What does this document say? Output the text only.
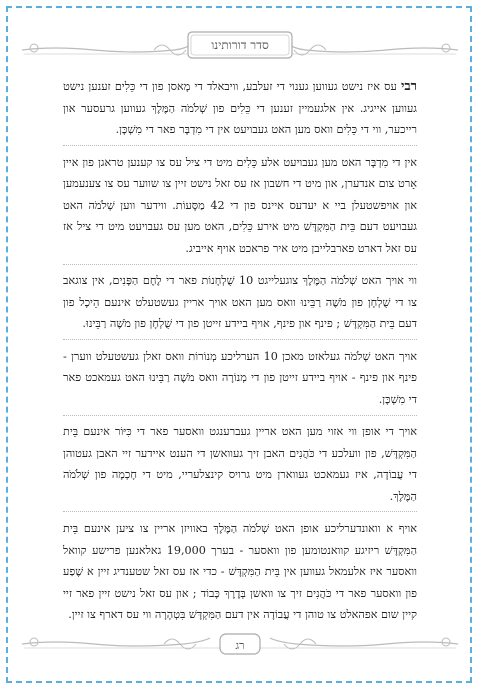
סדר דורותינו

רבי עס איז נישט געווען גענוי די זעלבע, וויבאלד די מָאסן פון די כֵּלִים זענען נישט געווען אייגיג. אין אלגעמיין זענען די כֵּלִים פון שְׁלֹמֹה הַמֶּלֶךְ געווען גרעסער און רייכער, ווי די כֵּלִים וואס מען האט געבויעט אין די מִדְבָּר פאר די מִשְׁכָּן.

אין די מִדְבָּר האט מען געבויעט אלע כֵּלִים מיט די ציל עס צו קענען טראגן פון איין אָרט צום אנדערן, און מיט די חשבון אז עס זאל נישט זיין צו שווער עס צו צענעמען און אויפשטעלן ביי א יעדעס איינס פון די 42 מַסָּעוֹת. ווידער ווען שְׁלֹמֹה האט געבויעט דעם בֵּית הַמִּקְדָּשׁ מיט אירע כֵּלִים, האט מען עס געבויעט מיט די ציל אז עס זאל דארט פארבלייבן מיט איר פראכט אויף אייביג.

ווי אויך האט שְׁלֹמֹה הַמֶּלֶךְ צוגעלייגט 10 שֻׁלְחָנוֹת פאר די לֶחֶם הַפָּנִים, אין צוגאב צו די שֻׁלְחָן פון מֹשֶׁה רַבֵּינוּ וואס מען האט אויך אריין געשטעלט אינעם הֵיכָל פון דעם בֵּית הַמִּקְדָּשׁ ; פינף און פינף, אויף ביידע זייטן פון די שֻׁלְחָן פון מֹשֶׁה רַבֵּינוּ.

אויך האט שְׁלֹמֹה געלאזט מאכן 10 הערליכע מְנוֹרוֹת וואס זאלן געשטעלט ווערן - פינף און פינף - אויף ביידע זייטן פון די מְנוֹרָה וואס מֹשֶׁה רַבֵּינוּ האט געמאכט פאר די מִשְׁכָּן.

אויך די אופן ווי אזוי מען האט אריין געברענגט וואסער פאר די כִּיּוֹר אינעם בֵּית הַמִּקְדָּשׁ, פון וועלכע די כֹּהֲנִים האבן זיך געוואשן די הענט איידער זיי האבן געטוהן די עֲבוֹדָה, איז געמאכט געווארן מיט גרויס קינצלעריי, מיט די חָכְמָה פון שְׁלֹמֹה הַמֶּלֶךְ.

אויף א וואונדערליכע אופן האט שְׁלֹמֹה הַמֶּלֶךְ באוויזן אריין צו ציען אינעם בֵּית הַמִּקְדָּשׁ ריזיגע קוואנטומען פון וואסער - בערך 19,000 גאלאנען פרישע קוואל וואסער איז אלעמאל געווען אין בֵּית הַמִּקְדָּשׁ - כדי אז עס זאל שטענדיג זיין א שֶׁפַע פון וואסער פאר די כֹּהֲנִים זיך צו וואשן בְּדֶרֶךְ כָּבוֹד ; און עס זאל נישט זיין פאר זיי קיין שום אפהאלט צו טוהן די עֲבוֹדָה אין דעם הַמִּקְדָּשׁ בִּטְהָרָה ווי עס דארף צו זיין.

רג
